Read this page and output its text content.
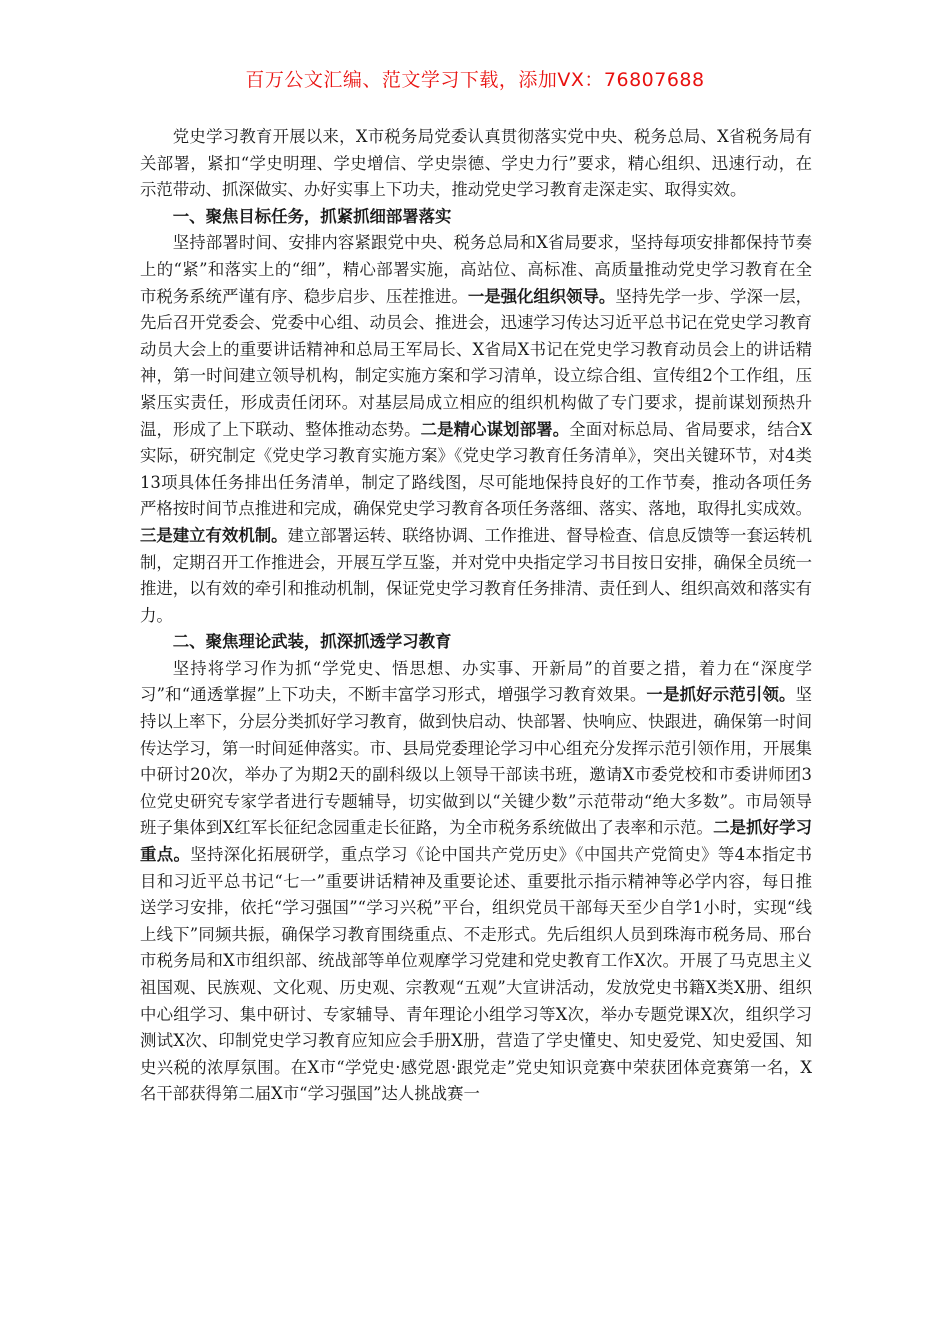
百万公文汇编、范文学习下载，添加VX：76807688

党史学习教育开展以来，X市税务局党委认真贯彻落实党中央、税务总局、X省税务局有关部署，紧扣“学史明理、学史增信、学史崇德、学史力行”要求，精心组织、迅速行动，在示范带动、抓深做实、办好实事上下功夫，推动党史学习教育走深走实、取得实效。

一、聚焦目标任务，抓紧抓细部署落实

坚持部署时间、安排内容紧跟党中央、税务总局和X省局要求，坚持每项安排都保持节奏上的“紧”和落实上的“细”，精心部署实施，高站位、高标准、高质量推动党史学习教育在全市税务系统严谨有序、稳步启步、压茬推进。一是强化组织领导。坚持先学一步、学深一层，先后召开党委会、党委中心组、动员会、推进会，迅速学习传达习近平总书记在党史学习教育动员大会上的重要讲话精神和总局王军局长、X省局X书记在党史学习教育动员会上的讲话精神，第一时间建立领导机构，制定实施方案和学习清单，设立综合组、宣传组2个工作组，压紧压实责任，形成责任闭环。对基层局成立相应的组织机构做了专门要求，提前谋划预热升温，形成了上下联动、整体推动态势。二是精心谋划部署。全面对标总局、省局要求，结合X实际，研究制定《党史学习教育实施方案》《党史学习教育任务清单》，突出关键环节，对4类13项具体任务排出任务清单，制定了路线图，尽可能地保持良好的工作节奏，推动各项任务严格按时间节点推进和完成，确保党史学习教育各项任务落细、落实、落地，取得扎实成效。三是建立有效机制。建立部署运转、联络协调、工作推进、督导检查、信息反馈等一套运转机制，定期召开工作推进会，开展互学互鉴，并对党中央指定学习书目按日安排，确保全员统一推进，以有效的牵引和推动机制，保证党史学习教育任务排清、责任到人、组织高效和落实有力。

二、聚焦理论武装，抓深抓透学习教育

坚持将学习作为抓“学党史、悟思想、办实事、开新局”的首要之措，着力在“深度学习”和“通透掌握”上下功夫，不断丰富学习形式，增强学习教育效果。一是抓好示范引领。坚持以上率下，分层分类抓好学习教育，做到快启动、快部署、快响应、快跟进，确保第一时间传达学习，第一时间延伸落实。市、县局党委理论学习中心组充分发挥示范引领作用，开展集中研讨20次，举办了为期2天的副科级以上领导干部读书班，邀请X市委党校和市委讲师团3位党史研究专家学者进行专题辅导，切实做到以“关键少数”示范带动“绝大多数”。市局领导班子集体到X红军长征纪念园重走长征路，为全市税务系统做出了表率和示范。二是抓好学习重点。坚持深化拓展研学，重点学习《论中国共产党历史》《中国共产党简史》等4本指定书目和习近平总书记“七一”重要讲话精神及重要论述、重要批示指示精神等必学内容，每日推送学习安排，依托“学习强国”“学习兴税”平台，组织党员干部每天至少自学1小时，实现“线上线下”同频共振，确保学习教育围绕重点、不走形式。先后组织人员到珠海市税务局、邢台市税务局和X市组织部、统战部等单位观摩学习党建和党史教育工作X次。开展了马克思主义祖国观、民族观、文化观、历史观、宗教观“五观”大宣讲活动，发放党史书籍X类X册、组织中心组学习、集中研讨、专家辅导、青年理论小组学习等X次，举办专题党课X次，组织学习测试X次、印制党史学习教育应知应会手册X册，营造了学史懂史、知史爱党、知史爱国、知史兴税的浓厚氛围。在X市“学党史·感党恩·跟党走”党史知识竞赛中荣获团体竞赛第一名，X名干部获得第二届X市“学习强国”达人挑战赛一
